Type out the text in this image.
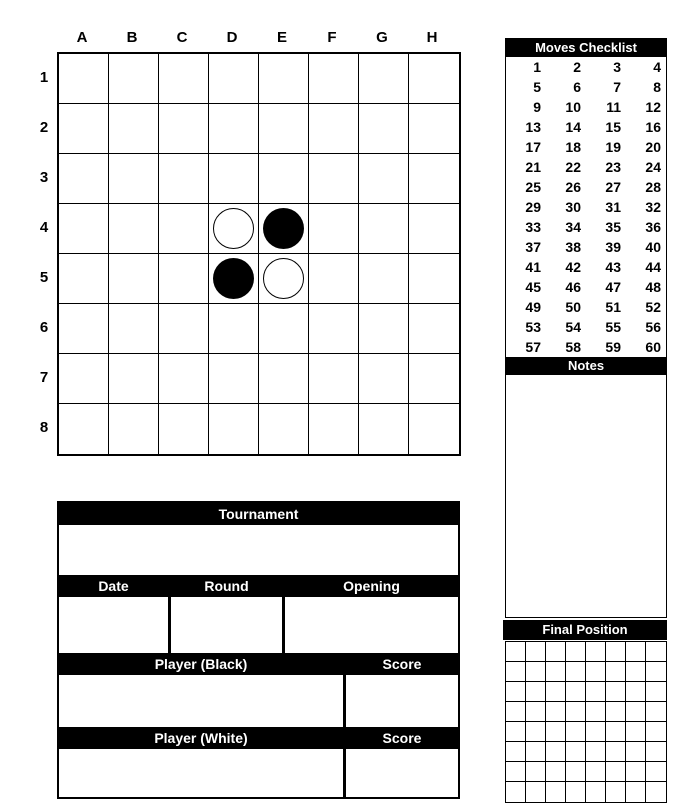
A	B	C	D	E	F	G	H
1
2
3
4
5
6
7
8
Moves Checklist
1	2	3	4
5	6	7	8
9	10	11	12
13	14	15	16
17	18	19	20
21	22	23	24
25	26	27	28
29	30	31	32
33	34	35	36
37	38	39	40
41	42	43	44
45	46	47	48
49	50	51	52
53	54	55	56
57	58	59	60
Notes
Final Position
Tournament
Date	Round	Opening
Player (Black)	Score
Player (White)	Score
